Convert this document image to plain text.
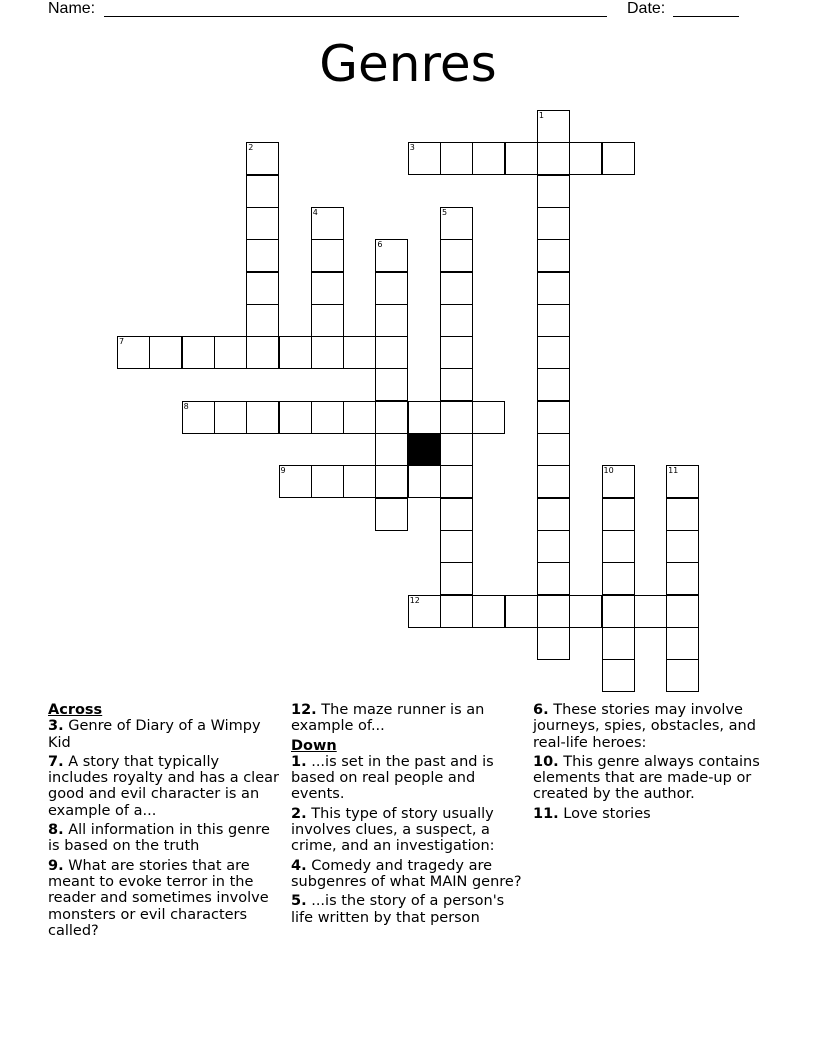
Name:	Date:
Genres
1
2	3
4	5
6
7
8
9	10	11
12
Across
3. Genre of Diary of a Wimpy Kid
7. A story that typically includes royalty and has a clear good and evil character is an example of a...
8. All information in this genre is based on the truth
9. What are stories that are meant to evoke terror in the reader and sometimes involve monsters or evil characters called?
12. The maze runner is an example of...
Down
1. ...is set in the past and is based on real people and events.
2. This type of story usually involves clues, a suspect, a crime, and an investigation:
4. Comedy and tragedy are subgenres of what MAIN genre?
5. ...is the story of a person's life written by that person
6. These stories may involve journeys, spies, obstacles, and real-life heroes:
10. This genre always contains elements that are made-up or created by the author.
11. Love stories
